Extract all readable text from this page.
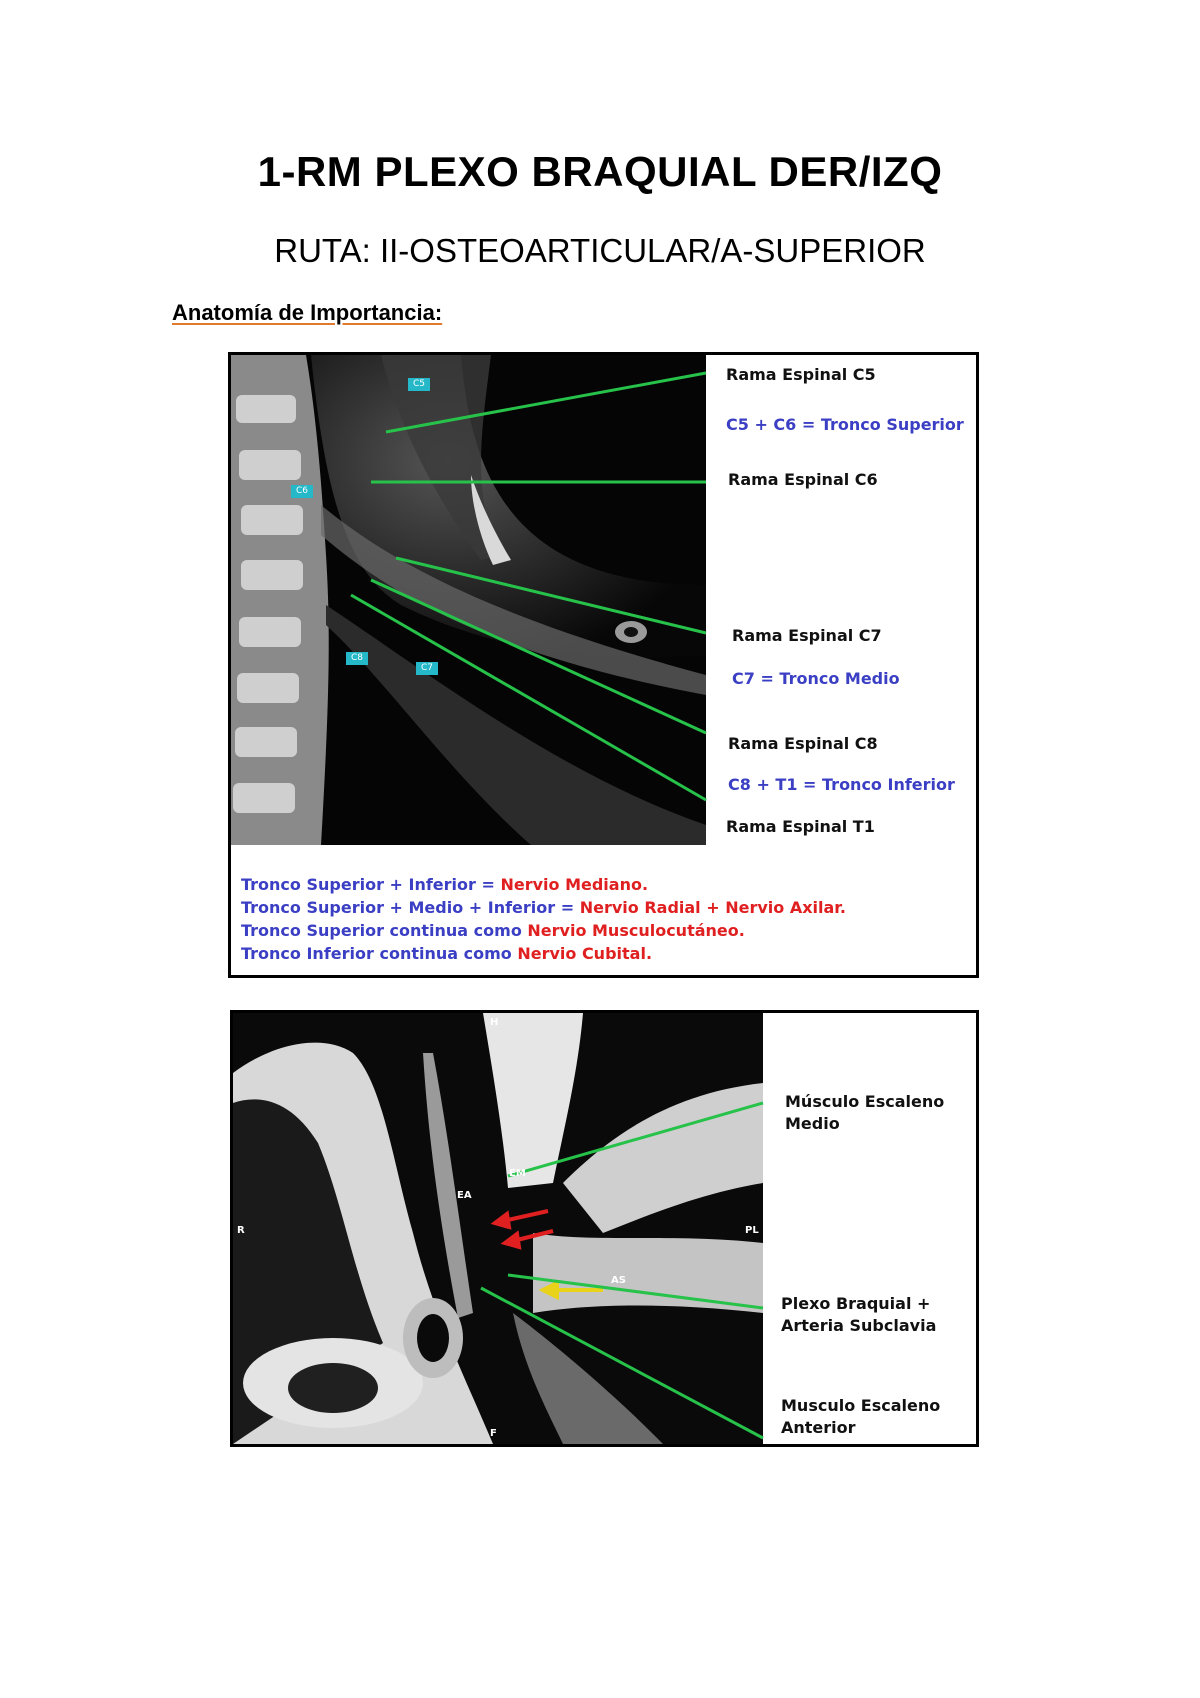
1-RM PLEXO BRAQUIAL DER/IZQ
RUTA: II-OSTEOARTICULAR/A-SUPERIOR
Anatomía de Importancia:
C5
C6
C8
C7
Rama Espinal C5
C5 + C6 = Tronco Superior
Rama Espinal C6
Rama Espinal C7
C7 = Tronco Medio
Rama Espinal C8
C8 + T1 = Tronco Inferior
Rama Espinal T1
Tronco Superior + Inferior = Nervio Mediano.
Tronco Superior + Medio + Inferior = Nervio Radial + Nervio Axilar.
Tronco Superior continua como Nervio Musculocutáneo.
Tronco Inferior continua como Nervio Cubital.
H
R	PL
F
EA
EM
AS
Músculo Escaleno
Medio
Plexo Braquial +
Arteria Subclavia
Musculo Escaleno
Anterior
